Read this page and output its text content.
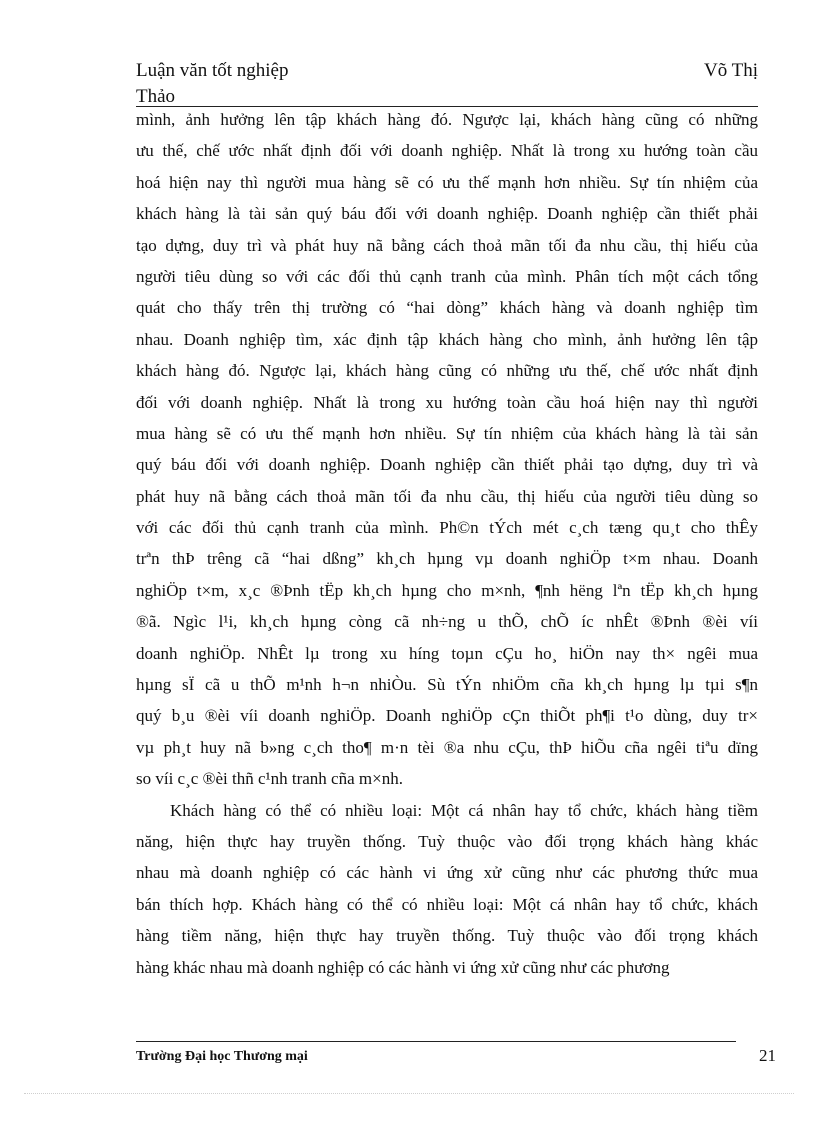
Luận văn tốt nghiệp
Thảo
Võ Thị
mình, ảnh hưởng lên tập khách hàng đó. Ngược lại, khách hàng cũng có những
ưu thế, chế ước nhất định đối với doanh nghiệp. Nhất là trong xu hướng toàn cầu
hoá hiện nay thì người mua hàng sẽ có ưu thế mạnh hơn nhiều. Sự tín nhiệm của
khách hàng là tài sản quý báu đối với doanh nghiệp. Doanh nghiệp cần thiết phải
tạo dựng, duy trì và phát huy nã bằng cách thoả mãn tối đa nhu cầu, thị hiếu của
người tiêu dùng so với các đối thủ cạnh tranh của mình. Phân tích một cách tổng
quát cho thấy trên thị trường có “hai dòng” khách hàng và doanh nghiệp tìm
nhau. Doanh nghiệp tìm, xác định tập khách hàng cho mình, ảnh hưởng lên tập
khách hàng đó. Ngược lại, khách hàng cũng có những ưu thế, chế ước nhất định
đối với doanh nghiệp. Nhất là trong xu hướng toàn cầu hoá hiện nay thì người
mua hàng sẽ có ưu thế mạnh hơn nhiều. Sự tín nhiệm của khách hàng là tài sản
quý báu đối với doanh nghiệp. Doanh nghiệp cần thiết phải tạo dựng, duy trì và
phát huy nã bằng cách thoả mãn tối đa nhu cầu, thị hiếu của người tiêu dùng so
với các đối thủ cạnh tranh của mình. Ph©n tÝch mét c¸ch tæng qu¸t cho thÊy
trªn thÞ trêng cã “hai dßng” kh¸ch hµng vµ doanh nghiÖp t×m nhau. Doanh
nghiÖp t×m, x¸c ®Þnh tËp kh¸ch hµng cho m×nh, ¶nh hëng lªn tËp kh¸ch hµng
®ã. Ngìc l¹i, kh¸ch hµng còng cã nh÷ng u thÕ, chÕ íc nhÊt ®Þnh ®èi víi
doanh nghiÖp. NhÊt lµ trong xu híng toµn cÇu ho¸ hiÖn nay th× ngêi mua
hµng sÏ cã u thÕ m¹nh h¬n nhiÒu. Sù tÝn nhiÖm cña kh¸ch hµng lµ tµi s¶n
quý b¸u ®èi víi doanh nghiÖp. Doanh nghiÖp cÇn thiÕt ph¶i t¹o dùng, duy tr×
vµ ph¸t huy nã b»ng c¸ch tho¶ m·n tèi ®a nhu cÇu, thÞ hiÕu cña ngêi tiªu dïng
so víi c¸c ®èi thñ c¹nh tranh cña m×nh.
Khách hàng có thể có nhiều loại: Một cá nhân hay tổ chức, khách hàng tiềm
năng, hiện thực hay truyền thống. Tuỳ thuộc vào đối trọng khách hàng khác
nhau mà doanh nghiệp có các hành vi ứng xử cũng như các phương thức mua
bán thích hợp. Khách hàng có thể có nhiều loại: Một cá nhân hay tổ chức, khách
hàng tiềm năng, hiện thực hay truyền thống. Tuỳ thuộc vào đối trọng khách
hàng khác nhau mà doanh nghiệp có các hành vi ứng xử cũng như các phương
Trường Đại học Thương mại	21
